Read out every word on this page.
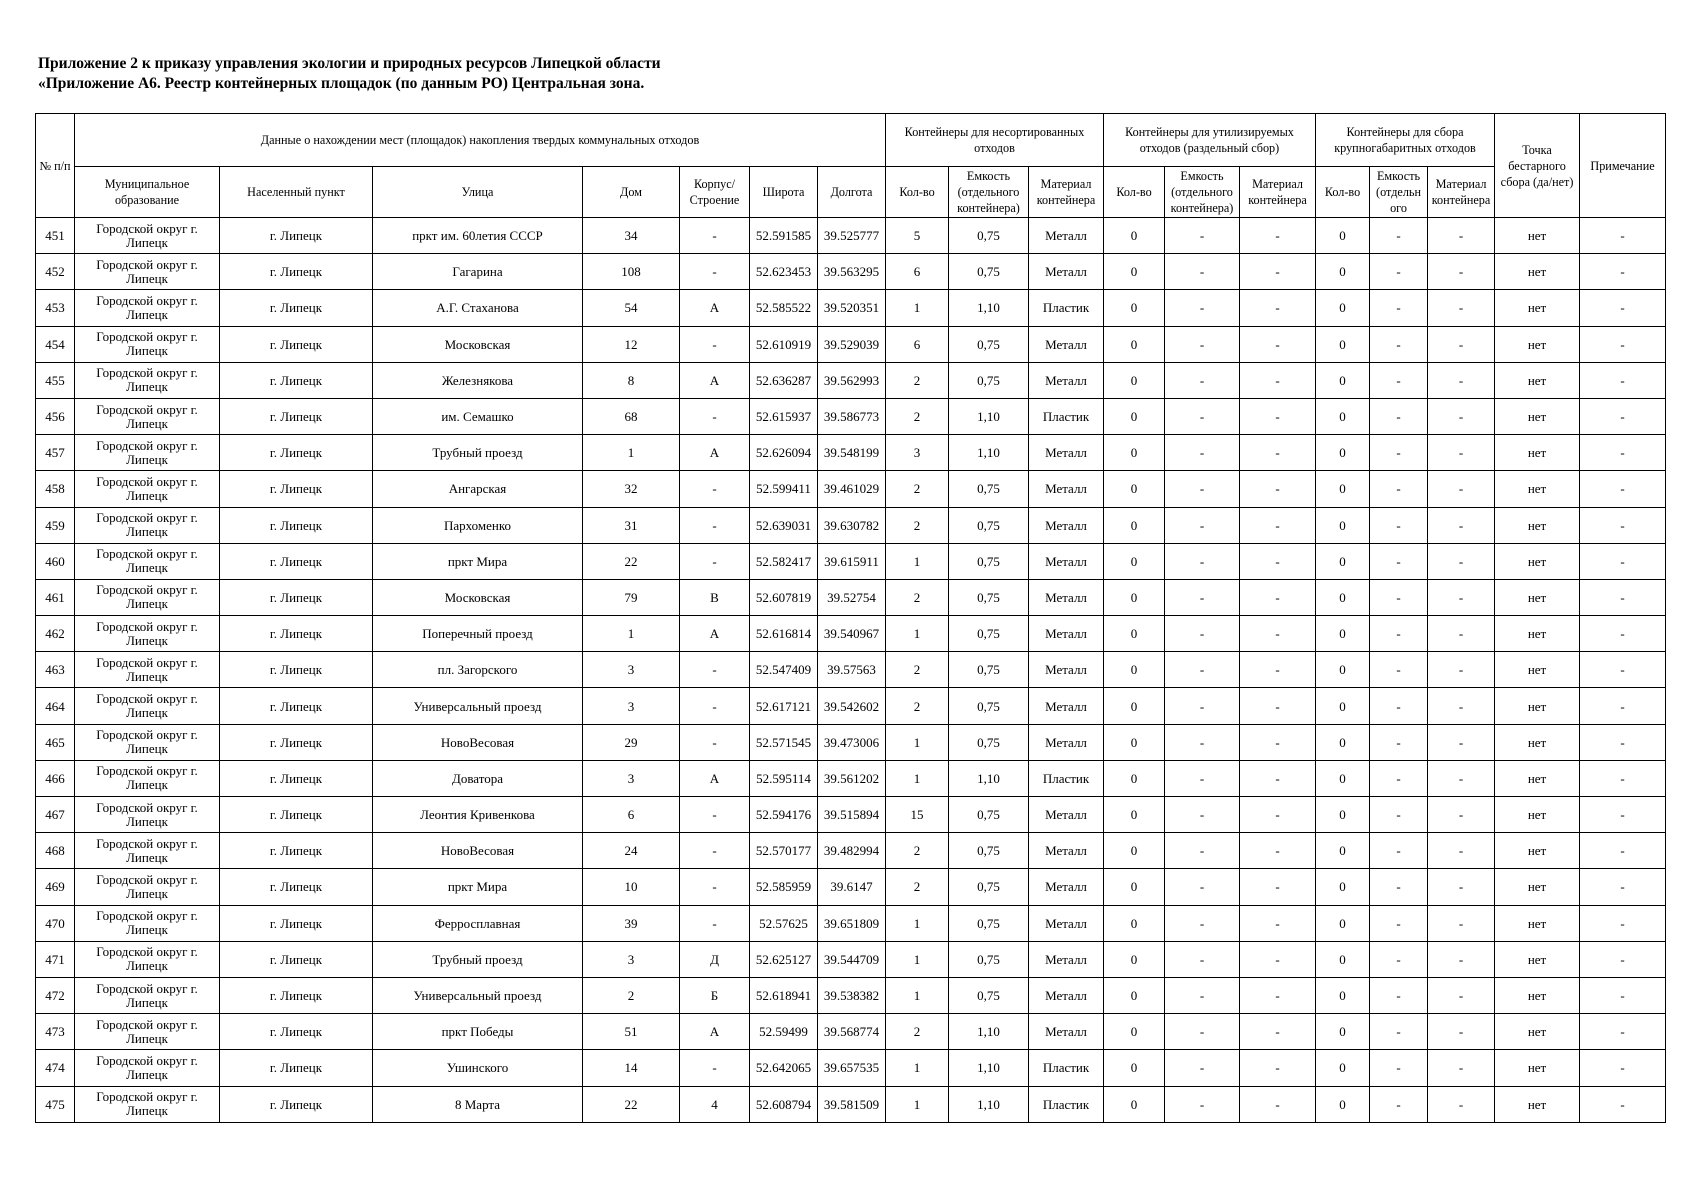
Приложение 2 к приказу управления экологии и природных ресурсов Липецкой области
«Приложение А6. Реестр контейнерных площадок (по данным РО) Центральная зона.
№ п/п	Данные о нахождении мест (площадок) накопления твердых коммунальных отходов							Контейнеры для несортированных отходов			Контейнеры для утилизируемых отходов (раздельный сбор)			Контейнеры для сбора крупногабаритных отходов			Точка бестарного сбора (да/нет)	Примечание
	Муниципальное образование	Населенный пункт	Улица	Дом	Корпус/ Строение	Широта	Долгота	Кол-во	Емкость (отдельного контейнера)	Материал контейнера	Кол-во	Емкость (отдельного контейнера)	Материал контейнера	Кол-во	Емкость (отдельн ого	Материал контейнера		
451	Городской округ г. Липецк	г. Липецк	пркт им. 60летия СССР	34	-	52.591585	39.525777	5	0,75	Металл	0	-	-	0	-	-	нет	-
452	Городской округ г. Липецк	г. Липецк	Гагарина	108	-	52.623453	39.563295	6	0,75	Металл	0	-	-	0	-	-	нет	-
453	Городской округ г. Липецк	г. Липецк	А.Г. Стаханова	54	А	52.585522	39.520351	1	1,10	Пластик	0	-	-	0	-	-	нет	-
454	Городской округ г. Липецк	г. Липецк	Московская	12	-	52.610919	39.529039	6	0,75	Металл	0	-	-	0	-	-	нет	-
455	Городской округ г. Липецк	г. Липецк	Железнякова	8	А	52.636287	39.562993	2	0,75	Металл	0	-	-	0	-	-	нет	-
456	Городской округ г. Липецк	г. Липецк	им. Семашко	68	-	52.615937	39.586773	2	1,10	Пластик	0	-	-	0	-	-	нет	-
457	Городской округ г. Липецк	г. Липецк	Трубный проезд	1	А	52.626094	39.548199	3	1,10	Металл	0	-	-	0	-	-	нет	-
458	Городской округ г. Липецк	г. Липецк	Ангарская	32	-	52.599411	39.461029	2	0,75	Металл	0	-	-	0	-	-	нет	-
459	Городской округ г. Липецк	г. Липецк	Пархоменко	31	-	52.639031	39.630782	2	0,75	Металл	0	-	-	0	-	-	нет	-
460	Городской округ г. Липецк	г. Липецк	пркт Мира	22	-	52.582417	39.615911	1	0,75	Металл	0	-	-	0	-	-	нет	-
461	Городской округ г. Липецк	г. Липецк	Московская	79	В	52.607819	39.52754	2	0,75	Металл	0	-	-	0	-	-	нет	-
462	Городской округ г. Липецк	г. Липецк	Поперечный проезд	1	А	52.616814	39.540967	1	0,75	Металл	0	-	-	0	-	-	нет	-
463	Городской округ г. Липецк	г. Липецк	пл. Загорского	3	-	52.547409	39.57563	2	0,75	Металл	0	-	-	0	-	-	нет	-
464	Городской округ г. Липецк	г. Липецк	Универсальный проезд	3	-	52.617121	39.542602	2	0,75	Металл	0	-	-	0	-	-	нет	-
465	Городской округ г. Липецк	г. Липецк	НовоВесовая	29	-	52.571545	39.473006	1	0,75	Металл	0	-	-	0	-	-	нет	-
466	Городской округ г. Липецк	г. Липецк	Доватора	3	А	52.595114	39.561202	1	1,10	Пластик	0	-	-	0	-	-	нет	-
467	Городской округ г. Липецк	г. Липецк	Леонтия Кривенкова	6	-	52.594176	39.515894	15	0,75	Металл	0	-	-	0	-	-	нет	-
468	Городской округ г. Липецк	г. Липецк	НовоВесовая	24	-	52.570177	39.482994	2	0,75	Металл	0	-	-	0	-	-	нет	-
469	Городской округ г. Липецк	г. Липецк	пркт Мира	10	-	52.585959	39.6147	2	0,75	Металл	0	-	-	0	-	-	нет	-
470	Городской округ г. Липецк	г. Липецк	Ферросплавная	39	-	52.57625	39.651809	1	0,75	Металл	0	-	-	0	-	-	нет	-
471	Городской округ г. Липецк	г. Липецк	Трубный проезд	3	Д	52.625127	39.544709	1	0,75	Металл	0	-	-	0	-	-	нет	-
472	Городской округ г. Липецк	г. Липецк	Универсальный проезд	2	Б	52.618941	39.538382	1	0,75	Металл	0	-	-	0	-	-	нет	-
473	Городской округ г. Липецк	г. Липецк	пркт Победы	51	А	52.59499	39.568774	2	1,10	Металл	0	-	-	0	-	-	нет	-
474	Городской округ г. Липецк	г. Липецк	Ушинского	14	-	52.642065	39.657535	1	1,10	Пластик	0	-	-	0	-	-	нет	-
475	Городской округ г. Липецк	г. Липецк	8 Марта	22	4	52.608794	39.581509	1	1,10	Пластик	0	-	-	0	-	-	нет	-
